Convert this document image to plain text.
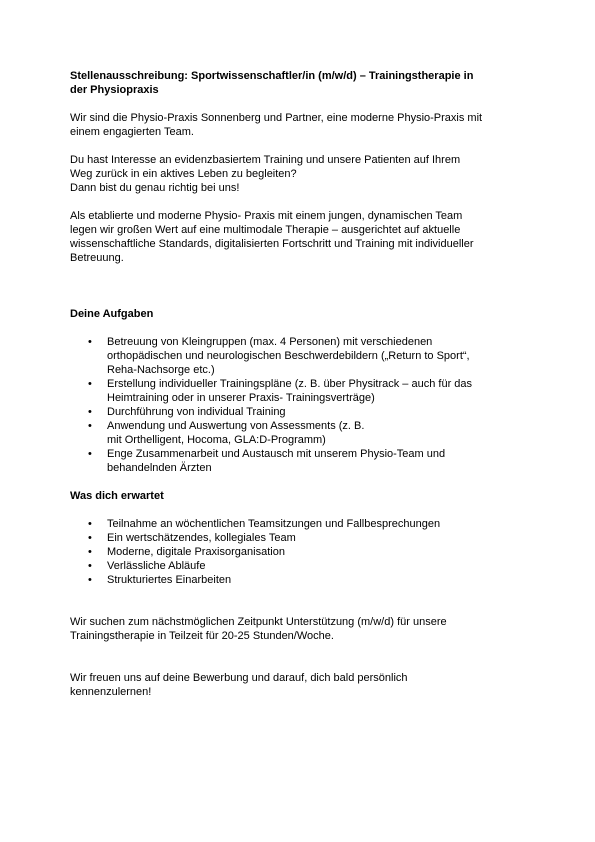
Stellenausschreibung: Sportwissenschaftler/in (m/w/d) – Trainingstherapie in
der Physiopraxis

Wir sind die Physio-Praxis Sonnenberg und Partner, eine moderne Physio-Praxis mit
einem engagierten Team.

Du hast Interesse an evidenzbasiertem Training und unsere Patienten auf Ihrem
Weg zurück in ein aktives Leben zu begleiten?
Dann bist du genau richtig bei uns!

Als etablierte und moderne Physio- Praxis mit einem jungen, dynamischen Team
legen wir großen Wert auf eine multimodale Therapie – ausgerichtet auf aktuelle
wissenschaftliche Standards, digitalisierten Fortschritt und Training mit individueller
Betreuung.

Deine Aufgaben

• Betreuung von Kleingruppen (max. 4 Personen) mit verschiedenen
orthopädischen und neurologischen Beschwerdebildern („Return to Sport“,
Reha-Nachsorge etc.)
• Erstellung individueller Trainingspläne (z. B. über Physitrack – auch für das
Heimtraining oder in unserer Praxis- Trainingsverträge)
• Durchführung von individual Training
• Anwendung und Auswertung von Assessments (z. B.
mit Orthelligent, Hocoma, GLA:D-Programm)
• Enge Zusammenarbeit und Austausch mit unserem Physio-Team und
behandelnden Ärzten

Was dich erwartet

• Teilnahme an wöchentlichen Teamsitzungen und Fallbesprechungen
• Ein wertschätzendes, kollegiales Team
• Moderne, digitale Praxisorganisation
• Verlässliche Abläufe
• Strukturiertes Einarbeiten

Wir suchen zum nächstmöglichen Zeitpunkt Unterstützung (m/w/d) für unsere
Trainingstherapie in Teilzeit für 20-25 Stunden/Woche.

Wir freuen uns auf deine Bewerbung und darauf, dich bald persönlich
kennenzulernen!
